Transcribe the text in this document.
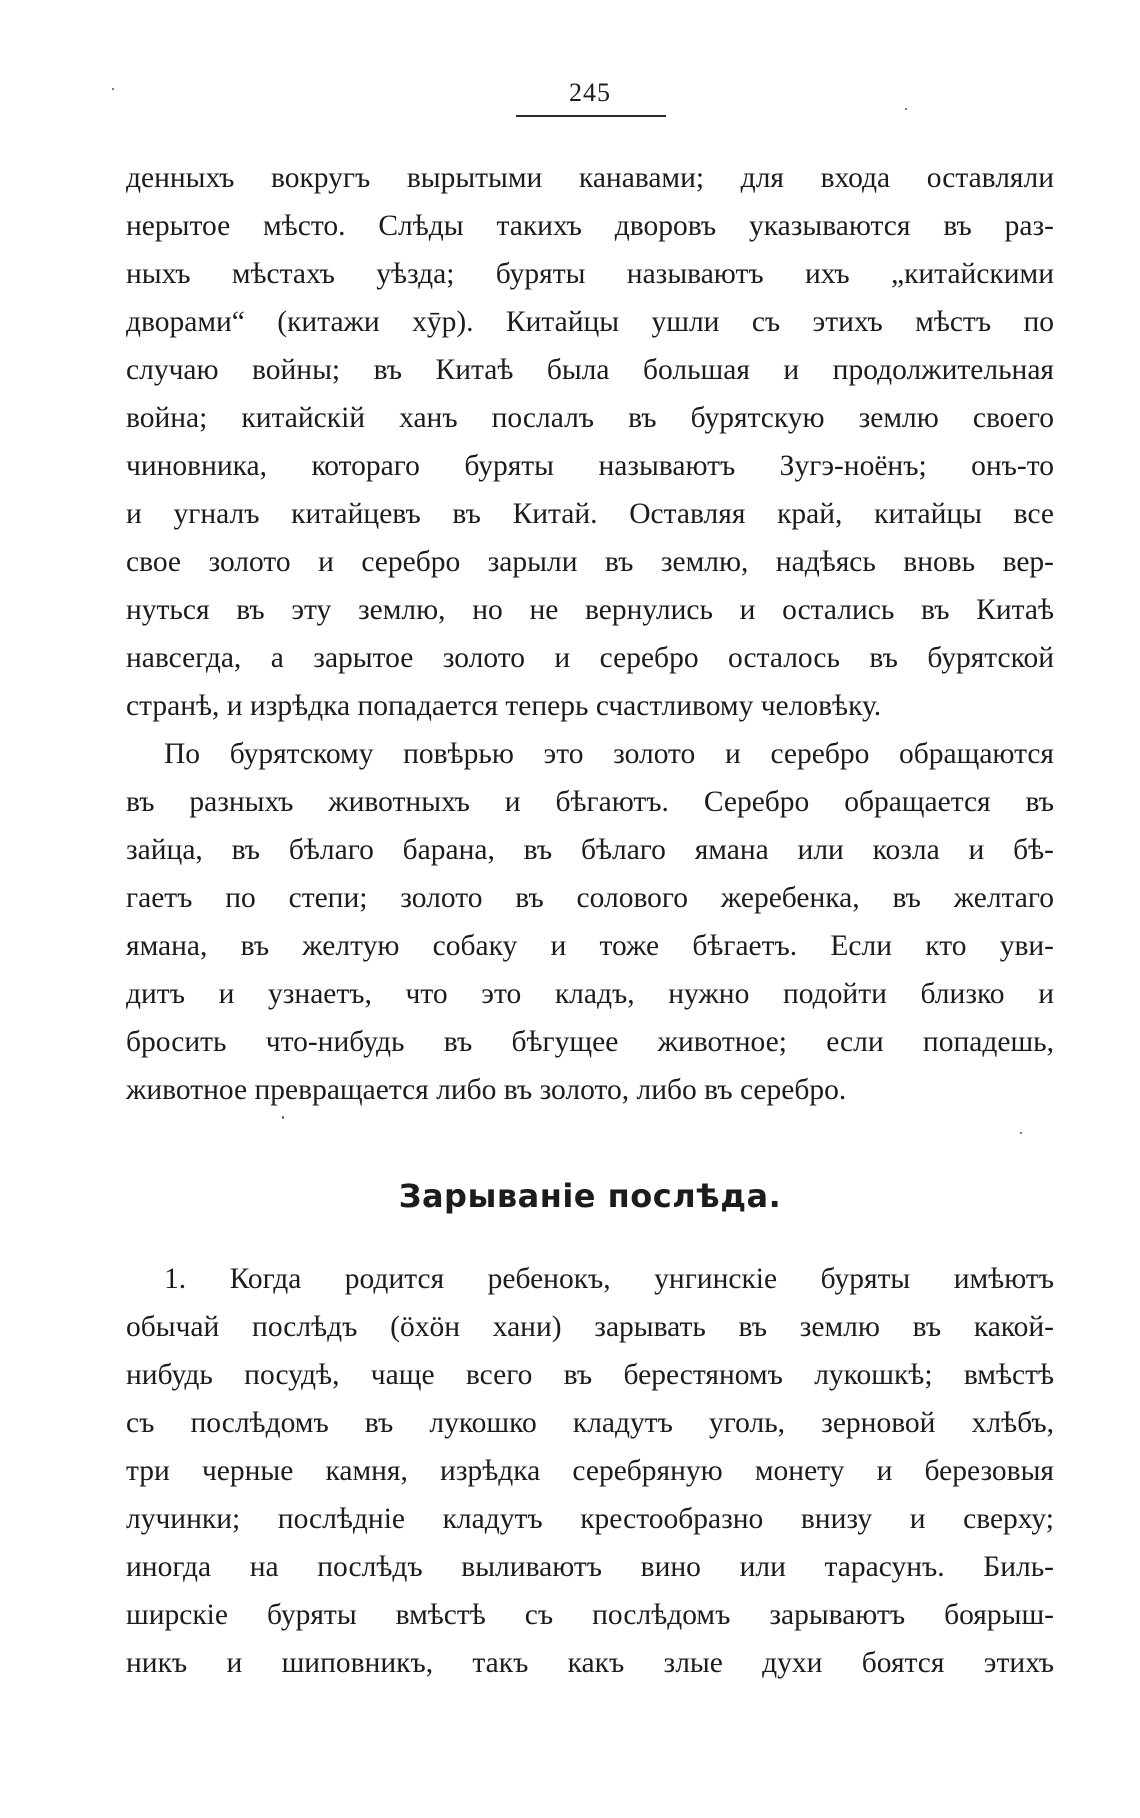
245
денныхъ вокругъ вырытыми канавами; для входа оставляли
нерытое мѣсто. Слѣды такихъ дворовъ указываются въ раз-
ныхъ мѣстахъ уѣзда; буряты называютъ ихъ „китайскими
дворами“ (китажи хӯр). Китайцы ушли съ этихъ мѣстъ по
случаю войны; въ Китаѣ была большая и продолжительная
война; китайскій ханъ послалъ въ бурятскую землю своего
чиновника, котораго буряты называютъ Зугэ-ноёнъ; онъ-то
и угналъ китайцевъ въ Китай. Оставляя край, китайцы все
свое золото и серебро зарыли въ землю, надѣясь вновь вер-
нуться въ эту землю, но не вернулись и остались въ Китаѣ
навсегда, а зарытое золото и серебро осталось въ бурятской
странѣ, и изрѣдка попадается теперь счастливому человѣку.
По бурятскому повѣрью это золото и серебро обращаются
въ разныхъ животныхъ и бѣгаютъ. Серебро обращается въ
зайца, въ бѣлаго барана, въ бѣлаго ямана или козла и бѣ-
гаетъ по степи; золото въ солового жеребенка, въ желтаго
ямана, въ желтую собаку и тоже бѣгаетъ. Если кто уви-
дитъ и узнаетъ, что это кладъ, нужно подойти близко и
бросить что-нибудь въ бѣгущее животное; если попадешь,
животное превращается либо въ золото, либо въ серебро.
Зарываніе послѣда.
1. Когда родится ребенокъ, унгинскіе буряты имѣютъ
обычай послѣдъ (ӧхӧн хани) зарывать въ землю въ какой-
нибудь посудѣ, чаще всего въ берестяномъ лукошкѣ; вмѣстѣ
съ послѣдомъ въ лукошко кладутъ уголь, зерновой хлѣбъ,
три черные камня, изрѣдка серебряную монету и березовыя
лучинки; послѣдніе кладутъ крестообразно внизу и сверху;
иногда на послѣдъ выливаютъ вино или тарасунъ. Биль-
ширскіе буряты вмѣстѣ съ послѣдомъ зарываютъ боярыш-
никъ и шиповникъ, такъ какъ злые духи боятся этихъ
